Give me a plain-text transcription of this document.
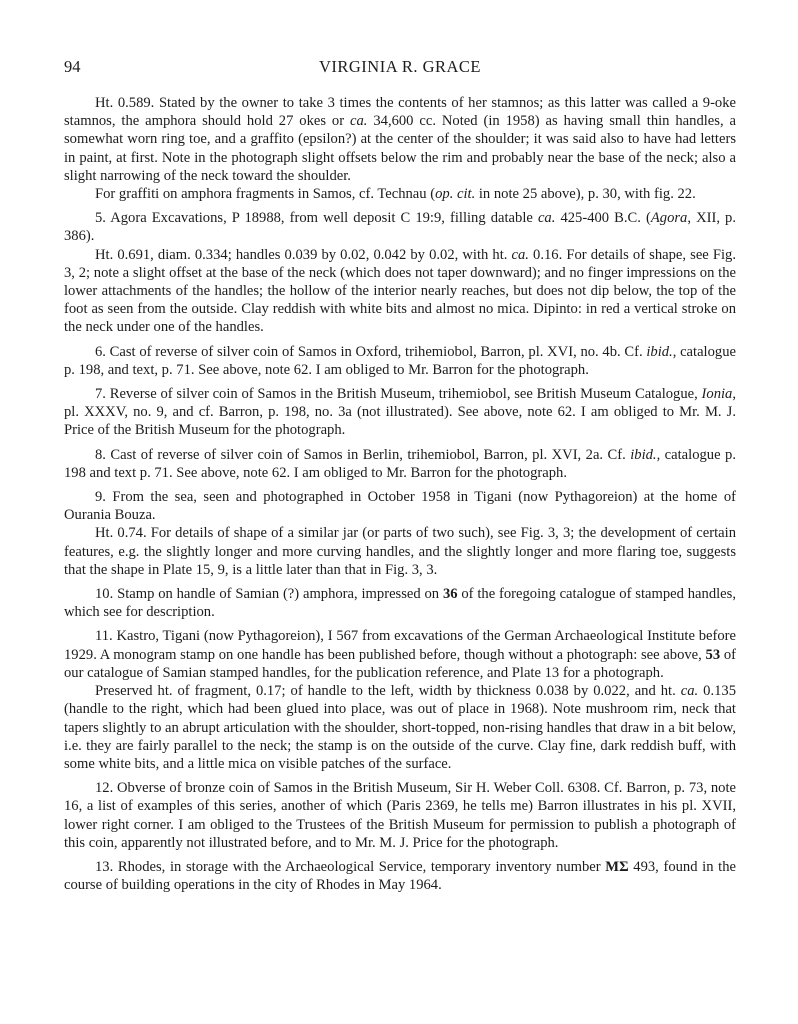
94	VIRGINIA R. GRACE

Ht. 0.589. Stated by the owner to take 3 times the contents of her stamnos; as this latter was called a 9-oke stamnos, the amphora should hold 27 okes or ca. 34,600 cc. Noted (in 1958) as having small thin handles, a somewhat worn ring toe, and a graffito (epsilon?) at the center of the shoulder; it was said also to have had letters in paint, at first. Note in the photograph slight offsets below the rim and probably near the base of the neck; also a slight narrowing of the neck toward the shoulder.

For graffiti on amphora fragments in Samos, cf. Technau (op. cit. in note 25 above), p. 30, with fig. 22.

5. Agora Excavations, P 18988, from well deposit C 19:9, filling datable ca. 425-400 B.C. (Agora, XII, p. 386).

Ht. 0.691, diam. 0.334; handles 0.039 by 0.02, 0.042 by 0.02, with ht. ca. 0.16. For details of shape, see Fig. 3, 2; note a slight offset at the base of the neck (which does not taper downward); and no finger impressions on the lower attachments of the handles; the hollow of the interior nearly reaches, but does not dip below, the top of the foot as seen from the outside. Clay reddish with white bits and almost no mica. Dipinto: in red a vertical stroke on the neck under one of the handles.

6. Cast of reverse of silver coin of Samos in Oxford, trihemiobol, Barron, pl. XVI, no. 4b. Cf. ibid., catalogue p. 198, and text, p. 71. See above, note 62. I am obliged to Mr. Barron for the photograph.

7. Reverse of silver coin of Samos in the British Museum, trihemiobol, see British Museum Catalogue, Ionia, pl. XXXV, no. 9, and cf. Barron, p. 198, no. 3a (not illustrated). See above, note 62. I am obliged to Mr. M. J. Price of the British Museum for the photograph.

8. Cast of reverse of silver coin of Samos in Berlin, trihemiobol, Barron, pl. XVI, 2a. Cf. ibid., catalogue p. 198 and text p. 71. See above, note 62. I am obliged to Mr. Barron for the photograph.

9. From the sea, seen and photographed in October 1958 in Tigani (now Pythagoreion) at the home of Ourania Bouza.

Ht. 0.74. For details of shape of a similar jar (or parts of two such), see Fig. 3, 3; the development of certain features, e.g. the slightly longer and more curving handles, and the slightly longer and more flaring toe, suggests that the shape in Plate 15, 9, is a little later than that in Fig. 3, 3.

10. Stamp on handle of Samian (?) amphora, impressed on 36 of the foregoing catalogue of stamped handles, which see for description.

11. Kastro, Tigani (now Pythagoreion), I 567 from excavations of the German Archaeological Institute before 1929. A monogram stamp on one handle has been published before, though without a photograph: see above, 53 of our catalogue of Samian stamped handles, for the publication reference, and Plate 13 for a photograph.

Preserved ht. of fragment, 0.17; of handle to the left, width by thickness 0.038 by 0.022, and ht. ca. 0.135 (handle to the right, which had been glued into place, was out of place in 1968). Note mushroom rim, neck that tapers slightly to an abrupt articulation with the shoulder, short-topped, non-rising handles that draw in a bit below, i.e. they are fairly parallel to the neck; the stamp is on the outside of the curve. Clay fine, dark reddish buff, with some white bits, and a little mica on visible patches of the surface.

12. Obverse of bronze coin of Samos in the British Museum, Sir H. Weber Coll. 6308. Cf. Barron, p. 73, note 16, a list of examples of this series, another of which (Paris 2369, he tells me) Barron illustrates in his pl. XVII, lower right corner. I am obliged to the Trustees of the British Museum for permission to publish a photograph of this coin, apparently not illustrated before, and to Mr. M. J. Price for the photograph.

13. Rhodes, in storage with the Archaeological Service, temporary inventory number ΜΣ 493, found in the course of building operations in the city of Rhodes in May 1964.
